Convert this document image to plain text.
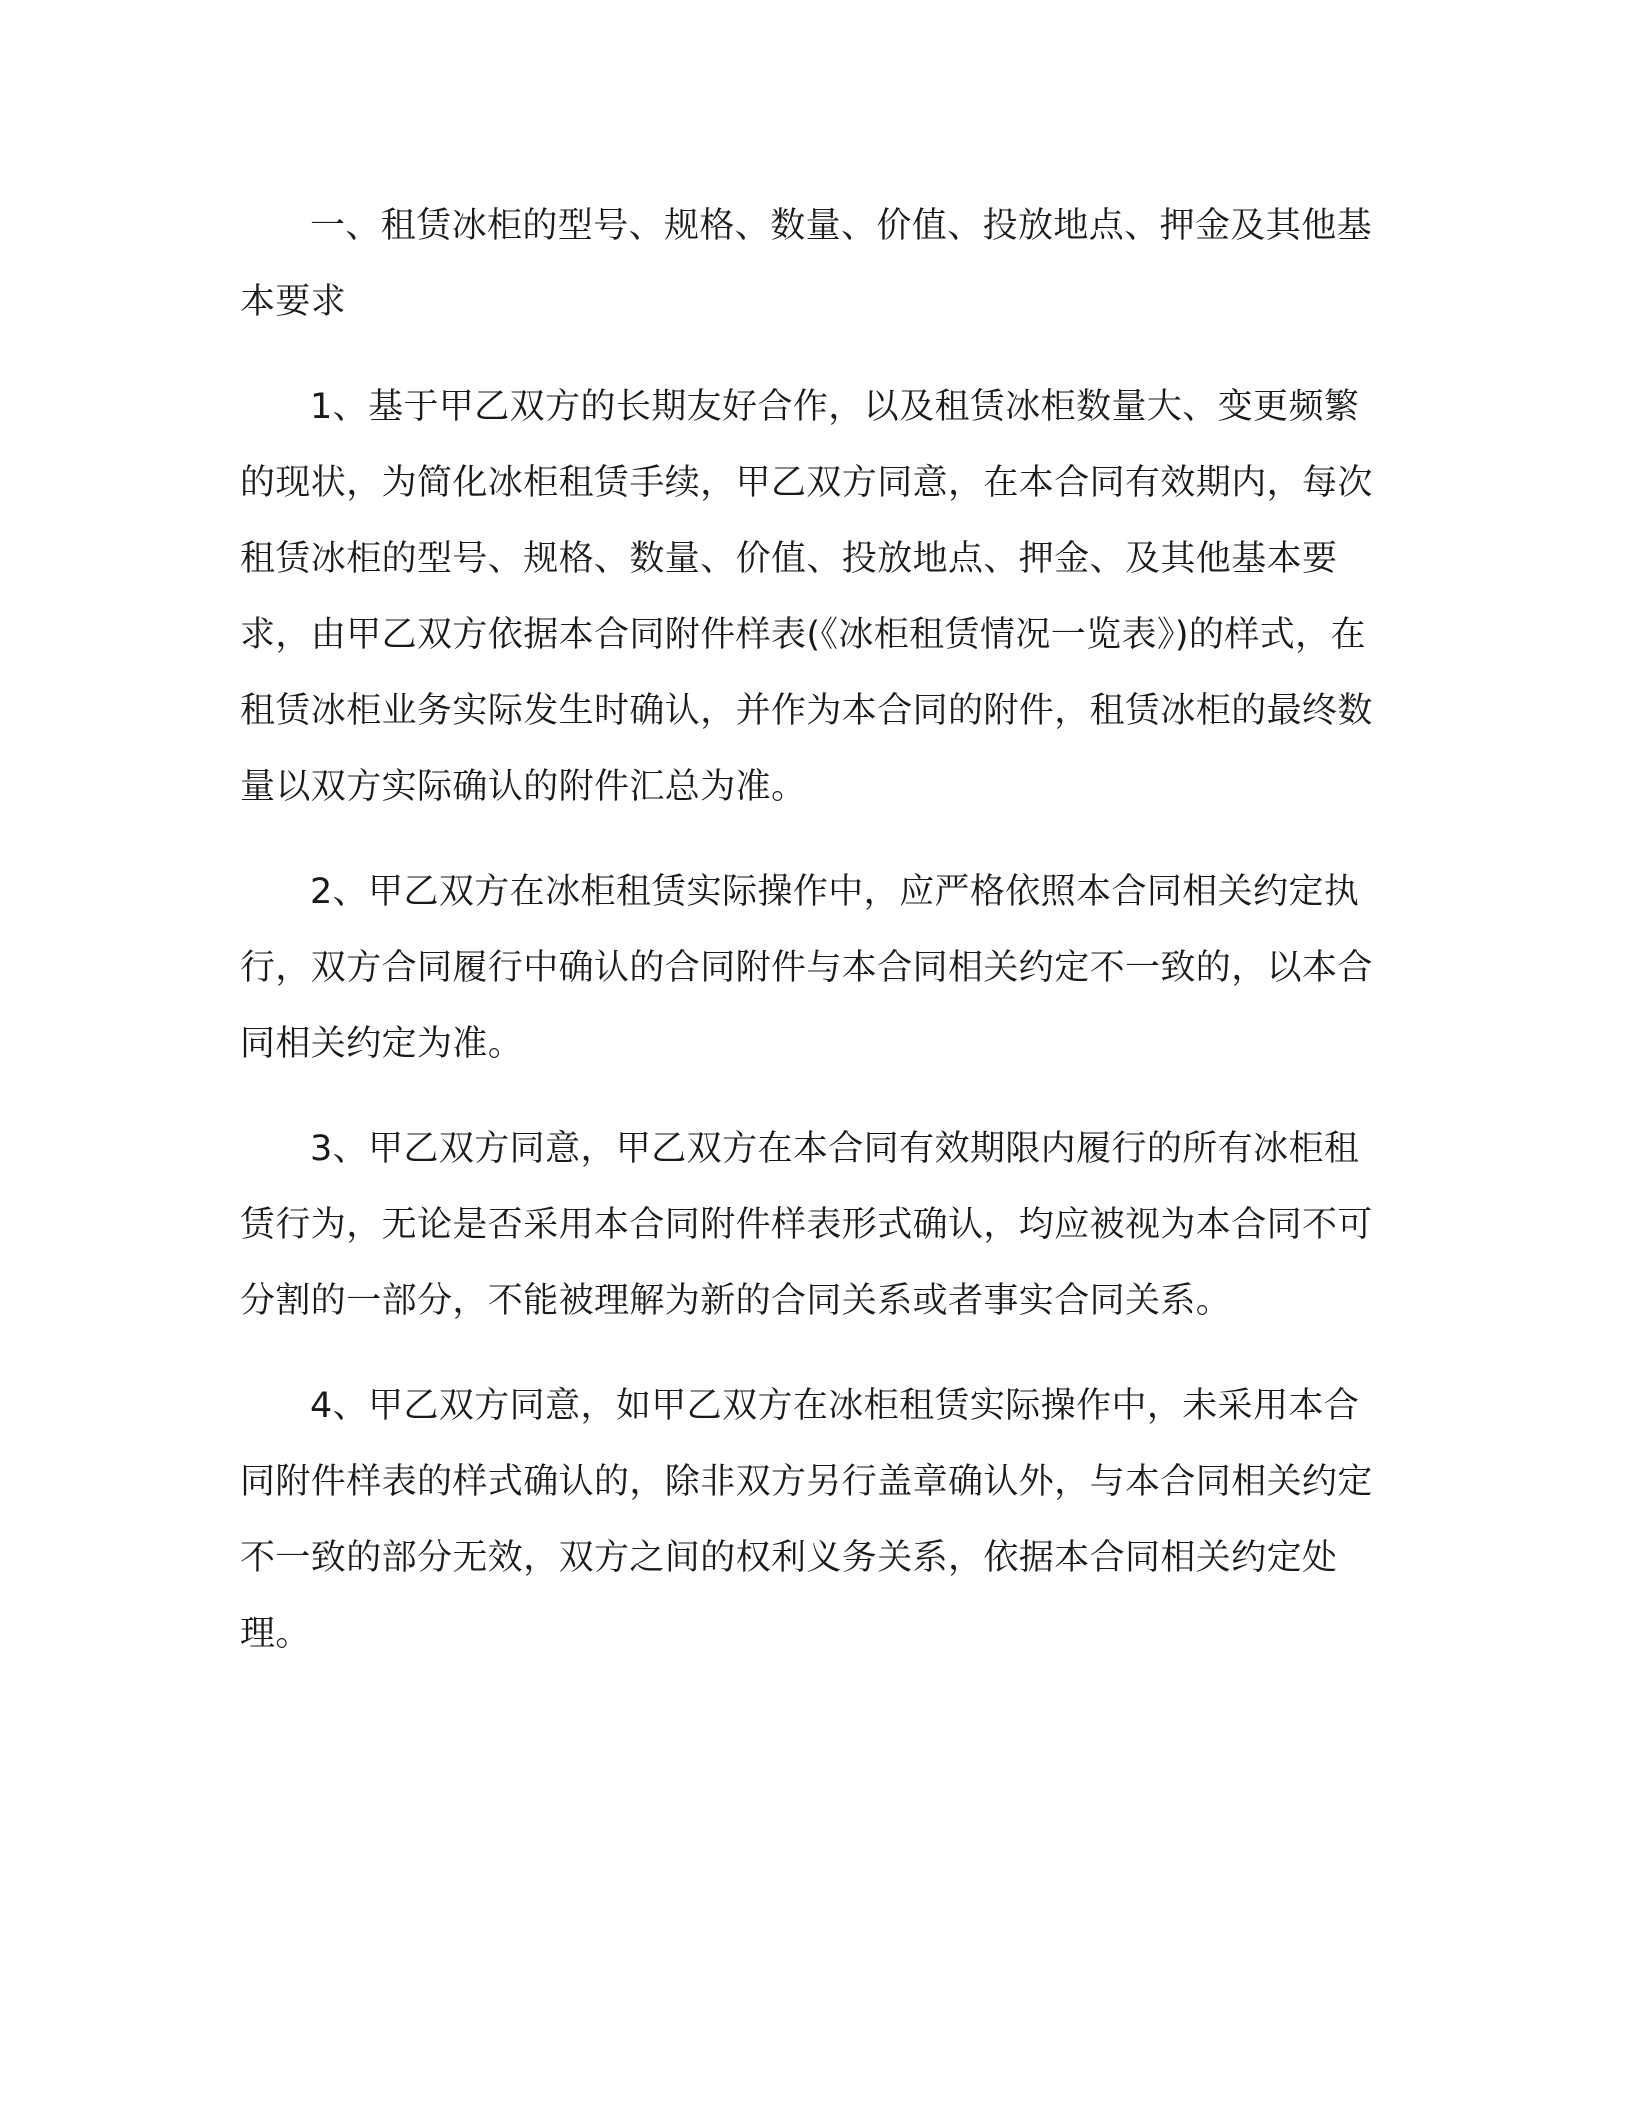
一、租赁冰柜的型号、规格、数量、价值、投放地点、押金及其他基本要求

1、基于甲乙双方的长期友好合作，以及租赁冰柜数量大、变更频繁的现状，为简化冰柜租赁手续，甲乙双方同意，在本合同有效期内，每次租赁冰柜的型号、规格、数量、价值、投放地点、押金、及其他基本要求，由甲乙双方依据本合同附件样表(《冰柜租赁情况一览表》)的样式，在租赁冰柜业务实际发生时确认，并作为本合同的附件，租赁冰柜的最终数量以双方实际确认的附件汇总为准。

2、甲乙双方在冰柜租赁实际操作中，应严格依照本合同相关约定执行，双方合同履行中确认的合同附件与本合同相关约定不一致的，以本合同相关约定为准。

3、甲乙双方同意，甲乙双方在本合同有效期限内履行的所有冰柜租赁行为，无论是否采用本合同附件样表形式确认，均应被视为本合同不可分割的一部分，不能被理解为新的合同关系或者事实合同关系。

4、甲乙双方同意，如甲乙双方在冰柜租赁实际操作中，未采用本合同附件样表的样式确认的，除非双方另行盖章确认外，与本合同相关约定不一致的部分无效，双方之间的权利义务关系，依据本合同相关约定处理。
